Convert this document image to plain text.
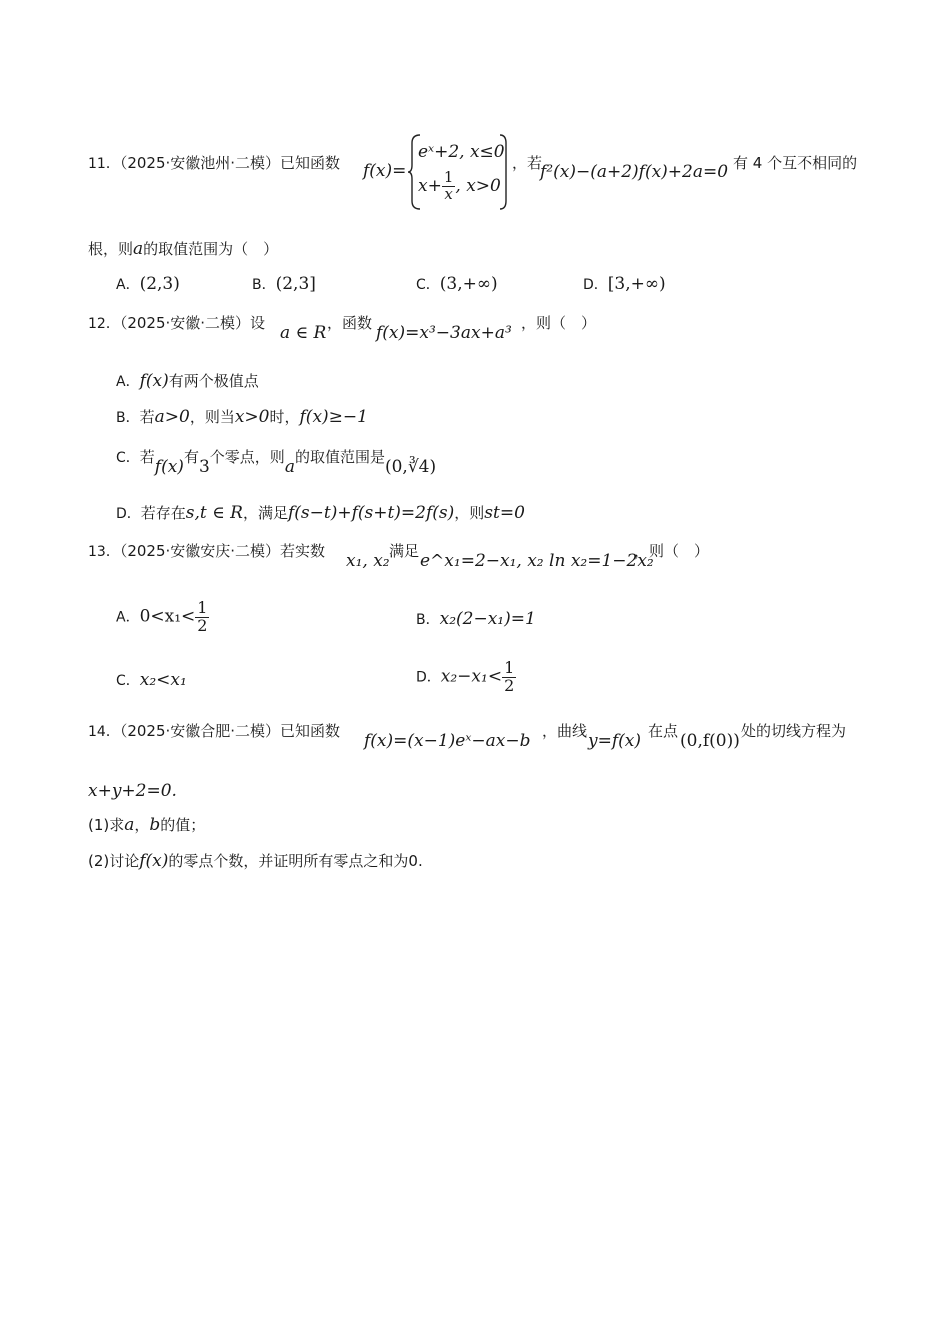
11．（2025·安徽池州·二模）已知函数 f(x)=
eˣ+2, x≤0
$x+ \frac{1}{x}$ , x>0
，若
f²(x)−(a+2)f(x)+2a=0 有 4 个互不相同的
根，则a的取值范围为（　）
A．(2,3)	B．(2,3]	C．(3,+∞)	D．[3,+∞)
12．（2025·安徽·二模）设 a ∈ R ，函数 f(x)=x³−3ax+a³ ，则（　）
A．f(x)有两个极值点
B．若a>0，则当x>0时，f(x)≥−1
C．若f(x)有3个零点，则a的取值范围是(0,∛4)
D．若存在s,t ∈ R，满足f(s−t)+f(s+t)=2f(s)，则st=0
13．（2025·安徽安庆·二模）若实数 x₁, x₂ 满足 e^x₁=2−x₁, x₂ ln x₂=1−2x₂
，则（　）
A．$0<x_1< \frac{1}{2}$	B．x₂(2−x₁)=1
C．x₂<x₁	D．$x_2-x_1< \frac{1}{2}$
14．（2025·安徽合肥·二模）已知函数 f(x)=(x−1)eˣ−ax−b ，曲线 y=f(x) 在点 (0,f(0)) 处的切线方程为
x+y+2=0.
(1)求a，b的值；
(2)讨论f(x)的零点个数，并证明所有零点之和为0.
